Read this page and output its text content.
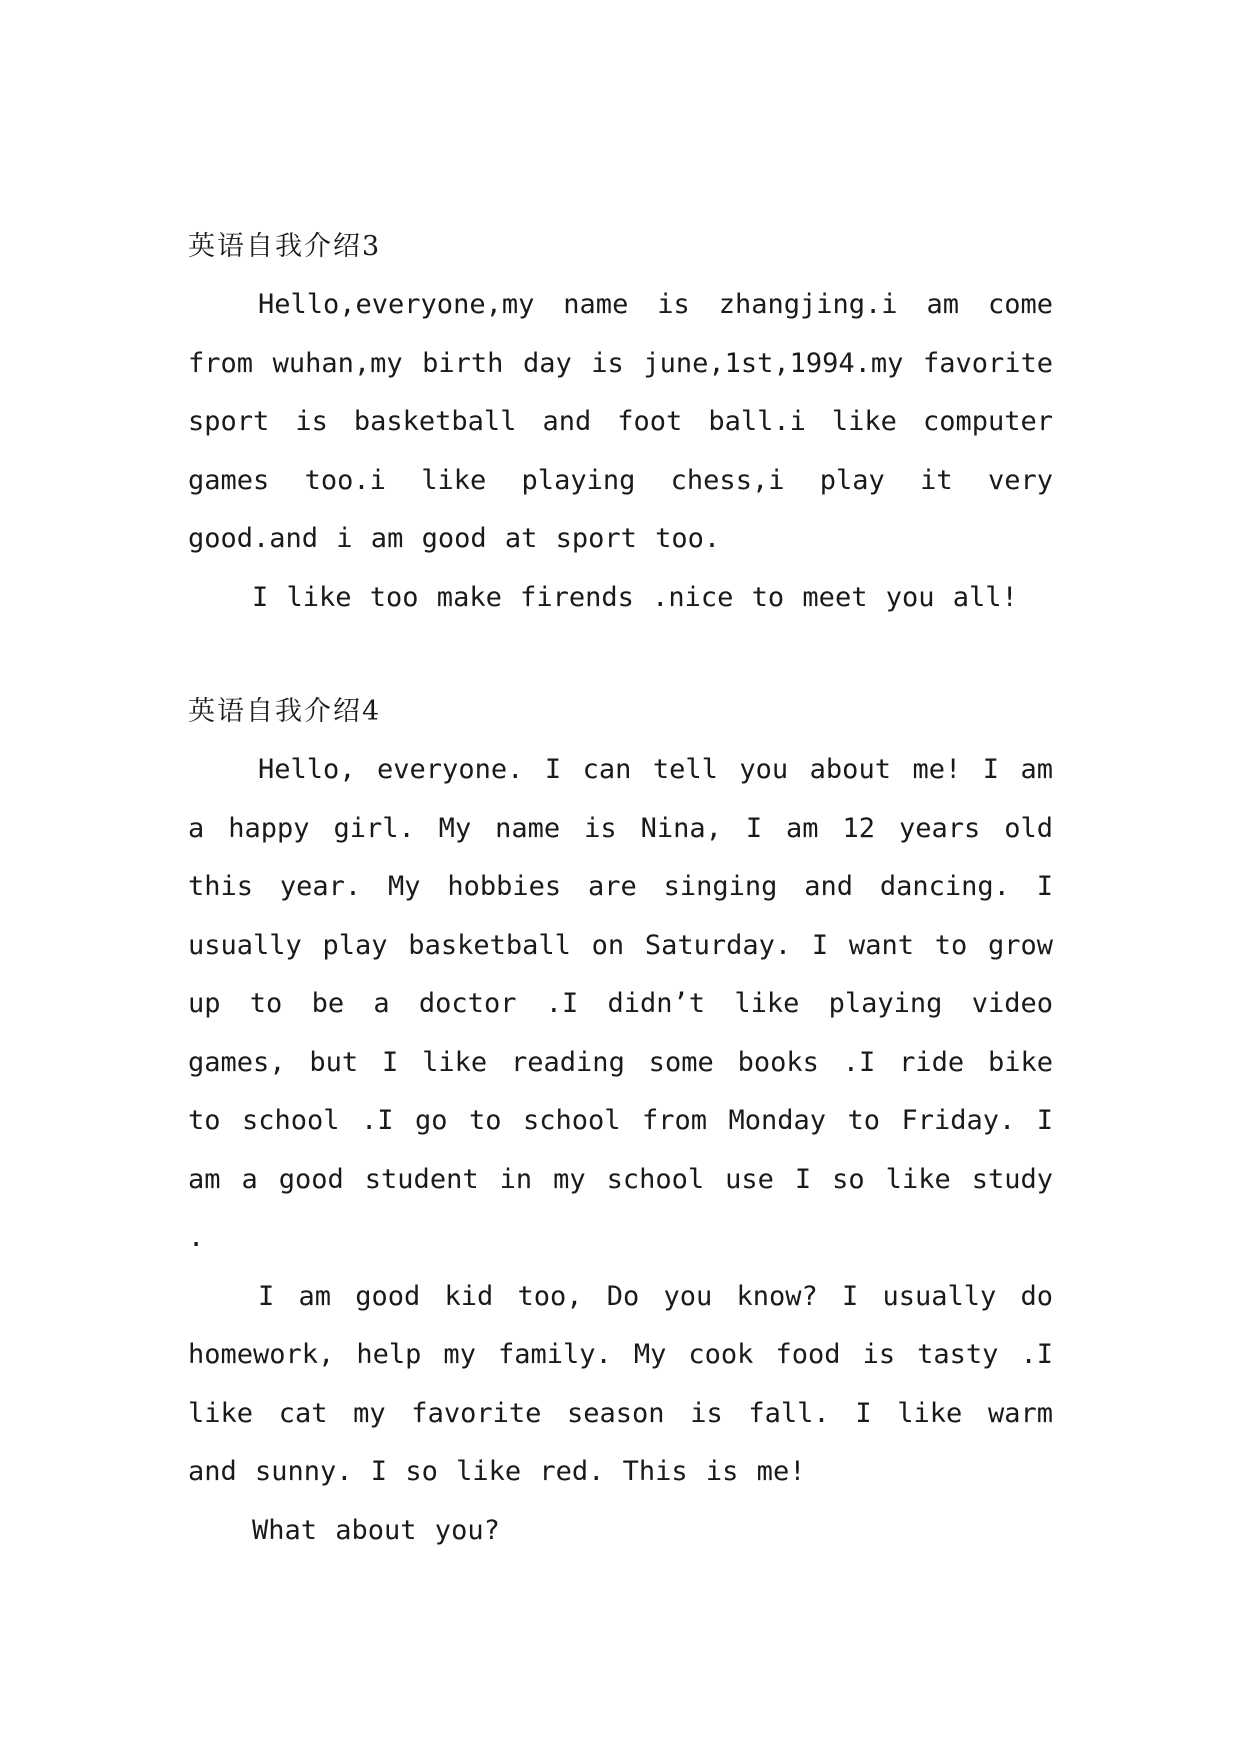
英语自我介绍3

Hello,everyone,my name is zhangjing.i am come from wuhan,my birth day is june,1st,1994.my favorite sport is basketball and foot ball.i like computer games too.i like playing chess,i play it very good.and i am good at sport too.

I like too make firends .nice to meet you all!

英语自我介绍4

Hello, everyone. I can tell you about me! I am a happy girl. My name is Nina, I am 12 years old this year. My hobbies are singing and dancing. I usually play basketball on Saturday. I want to grow up to be a doctor .I didn’t like playing video games, but I like reading some books .I ride bike to school .I go to school from Monday to Friday. I am a good student in my school use I so like study .

I am good kid too, Do you know? I usually do homework, help my family. My cook food is tasty .I like cat my favorite season is fall. I like warm and sunny. I so like red. This is me!

What about you?
